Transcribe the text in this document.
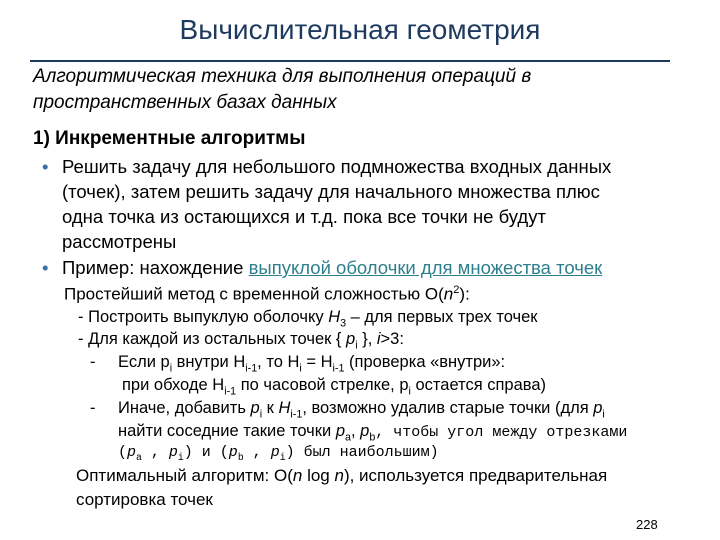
Вычислительная геометрия
Алгоритмическая техника для выполнения операций в
пространственных базах данных
1) Инкрементные алгоритмы
• Решить задачу для небольшого подмножества входных данных
(точек), затем решить задачу для начального множества плюс
одна точка из остающихся и т.д. пока все точки не будут
рассмотрены
• Пример: нахождение выпуклой оболочки для множества точек
Простейший метод с временной сложностью $O(n^2)$:
- Построить выпуклую оболочку $H_3$ – для первых трех точек
- Для каждой из остальных точек { $p_i$ }, i>3:
- Если $p_i$ внутри $H_{i-1}$, то $H_i = H_{i-1}$ (проверка «внутри»:
при обходе $H_{i-1}$ по часовой стрелке, $p_i$ остается справа)
- Иначе, добавить $p_i$ к $H_{i-1}$, возможно удалив старые точки (для $p_i$
найти соседние такие точки $p_a$, $p_b$, чтобы угол между отрезками
($p_a$ , $p_i$) и ($p_b$ , $p_i$) был наибольшим)
Оптимальный алгоритм: O(n log n), используется предварительная
сортировка точек
228
